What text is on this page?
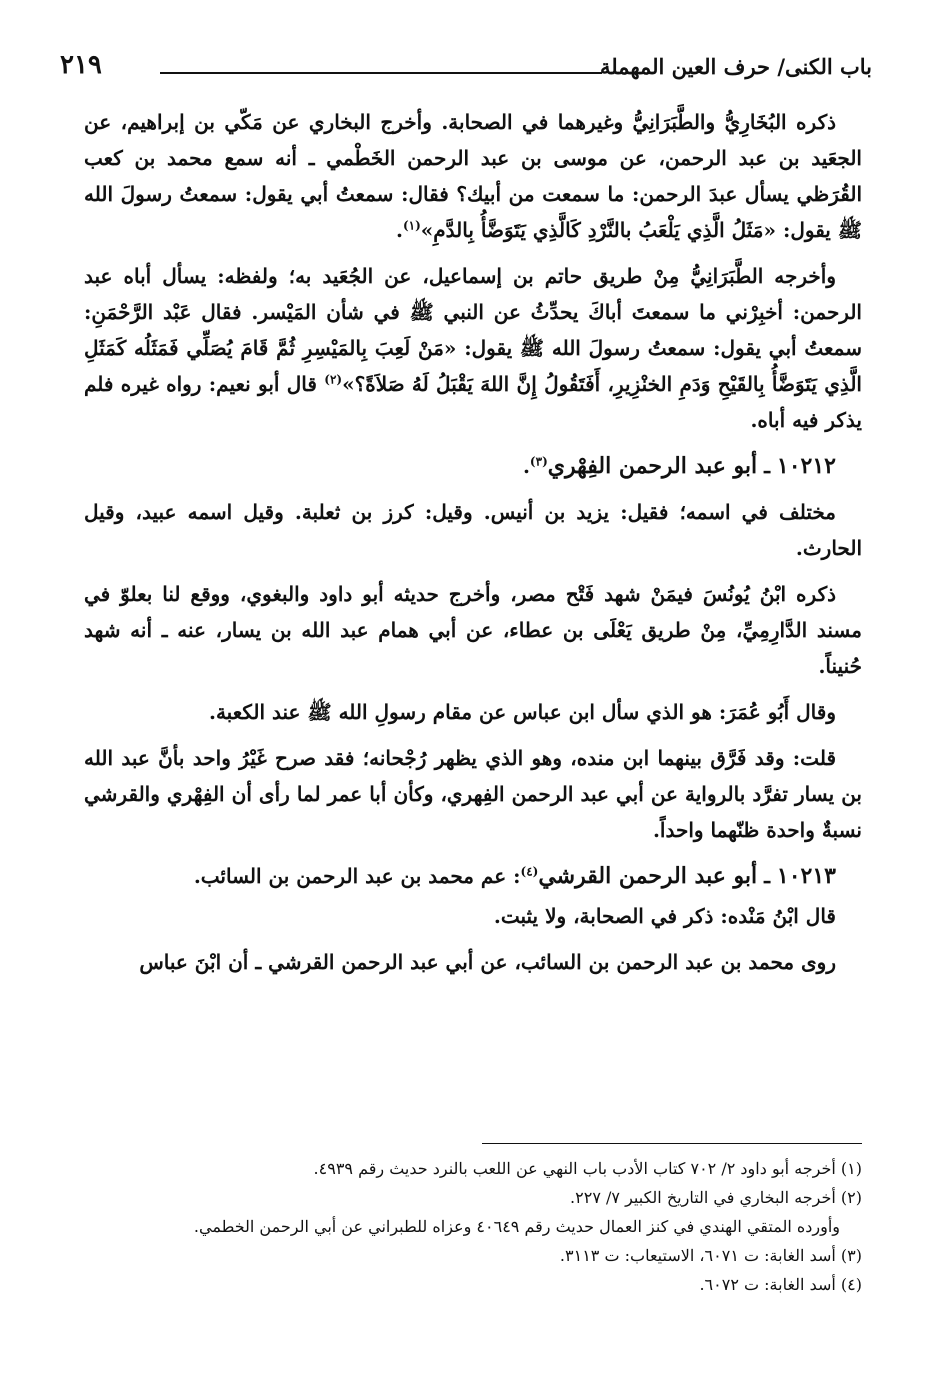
باب الكنى/ حرف العين المهملة
٢١٩

ذكره البُخَارِيُّ والطَّبَرَانِيُّ وغيرهما في الصحابة. وأخرج البخاري عن مَكّي بن إبراهيم، عن الجعَيد بن عبد الرحمن، عن موسى بن عبد الرحمن الخَطْمي ـ أنه سمع محمد بن كعب القُرَظي يسأل عبدَ الرحمن: ما سمعت من أبيك؟ فقال: سمعتُ أبي يقول: سمعتُ رسولَ الله ﷺ يقول: «مَثَلُ الَّذِي يَلْعَبُ بالنَّرْدِ كَالَّذِي يَتَوَضَّأُ بِالدَّمِ»$^{(١)}$.

وأخرجه الطَّبَرَانِيُّ مِنْ طريق حاتم بن إسماعيل، عن الجُعَيد به؛ ولفظه: يسأل أباه عبد الرحمن: أخبِرْني ما سمعتَ أباكَ يحدِّثُ عن النبي ﷺ في شأن المَيْسر. فقال عَبْد الرَّحْمَنِ: سمعتُ أبي يقول: سمعتُ رسولَ الله ﷺ يقول: «مَنْ لَعِبَ بِالمَيْسِرِ ثُمَّ قَامَ يُصَلِّي فَمَثَلُه كَمَثَلِ الَّذِي يَتَوَضَّأُ بِالقَيْحِ وَدَمِ الخنْزِيرِ، أَفَتَقُولُ إِنَّ اللهَ يَقْبَلُ لَهُ صَلاَةً؟»$^{(٢)}$ قال أبو نعيم: رواه غيره فلم يذكر فيه أباه.

١٠٢١٢ ـ أبو عبد الرحمن الفِهْري$^{(٣)}$.

مختلف في اسمه؛ فقيل: يزيد بن أنيس. وقيل: كرز بن ثعلبة. وقيل اسمه عبيد، وقيل الحارث.

ذكره ابْنُ يُونُسَ فيمَنْ شهد فَتْح مصر، وأخرج حديثه أبو داود والبغوي، ووقع لنا بعلوّ في مسند الدَّارِمِيِّ، مِنْ طريق يَعْلَى بن عطاء، عن أبي همام عبد الله بن يسار، عنه ـ أنه شهد حُنيناً.

وقال أَبُو عُمَرَ: هو الذي سأل ابن عباس عن مقام رسولِ الله ﷺ عند الكعبة.

قلت: وقد فَرَّق بينهما ابن منده، وهو الذي يظهر رُجْحانه؛ فقد صرح غَيْرُ واحد بأنَّ عبد الله بن يسار تفرَّد بالرواية عن أبي عبد الرحمن الفِهري، وكأن أبا عمر لما رأى أن الفِهْري والقرشي نسبةٌ واحدة ظنّهما واحداً.

١٠٢١٣ ـ أبو عبد الرحمن القرشي$^{(٤)}$: عم محمد بن عبد الرحمن بن السائب.

قال ابْنُ مَنْده: ذكر في الصحابة، ولا يثبت.

روى محمد بن عبد الرحمن بن السائب، عن أبي عبد الرحمن القرشي ـ أن ابْنَ عباس

(١) أخرجه أبو داود ٢/ ٧٠٢ كتاب الأدب باب النهي عن اللعب بالنرد حديث رقم ٤٩٣٩.

(٢) أخرجه البخاري في التاريخ الكبير ٧/ ٢٢٧.

وأورده المتقي الهندي في كنز العمال حديث رقم ٤٠٦٤٩ وعزاه للطبراني عن أبي الرحمن الخطمي.

(٣) أسد الغابة: ت ٦٠٧١، الاستيعاب: ت ٣١١٣.

(٤) أسد الغابة: ت ٦٠٧٢.
